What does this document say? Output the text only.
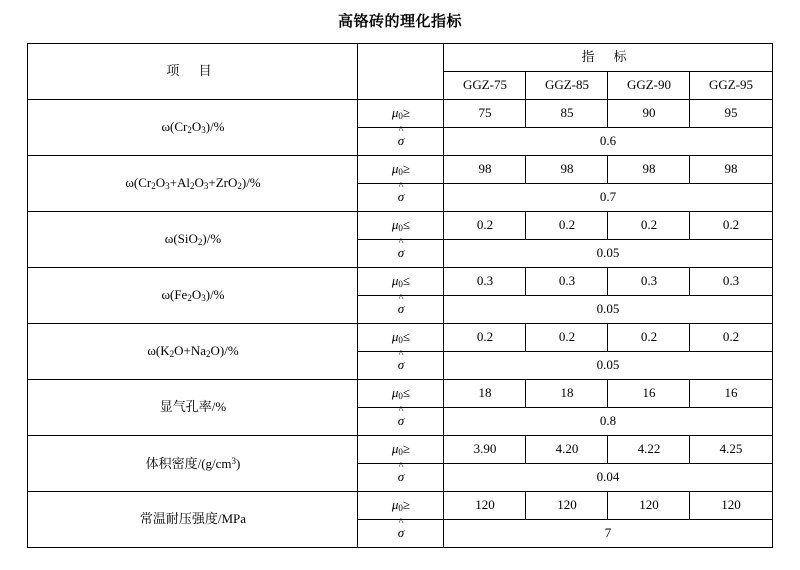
高铬砖的理化指标
项 目		指 标			
		GGZ-75	GGZ-85	GGZ-90	GGZ-95
$\omega(Cr_2O_3)/\%$	μ0≥	75	85	90	95

	^
σ	0.6			
$\omega(Cr_2O_3+Al_2O_3+ZrO_2)/\%$	μ0≥	98	98	98	98

	^
σ	0.7			
ω(SiO$_2$)/%	μ0≤	0.2	0.2	0.2	0.2

	^
σ	0.05			
$\omega(Fe_2O_3)/\%$	μ0≤	0.3	0.3	0.3	0.3

	^
σ	0.05			
$\omega(K_2O+Na_2O)/\%$	μ0≤	0.2	0.2	0.2	0.2

	^
σ	0.05			
显气孔率/%	μ0≤	18	18	16	16

	^
σ	0.8			
体积密度$/(g/cm^3)$	μ0≥	3.90	4.20	4.22	4.25

	^
σ	0.04			
常温耐压强度/MPa	μ0≥	120	120	120	120

	^
σ	7			
